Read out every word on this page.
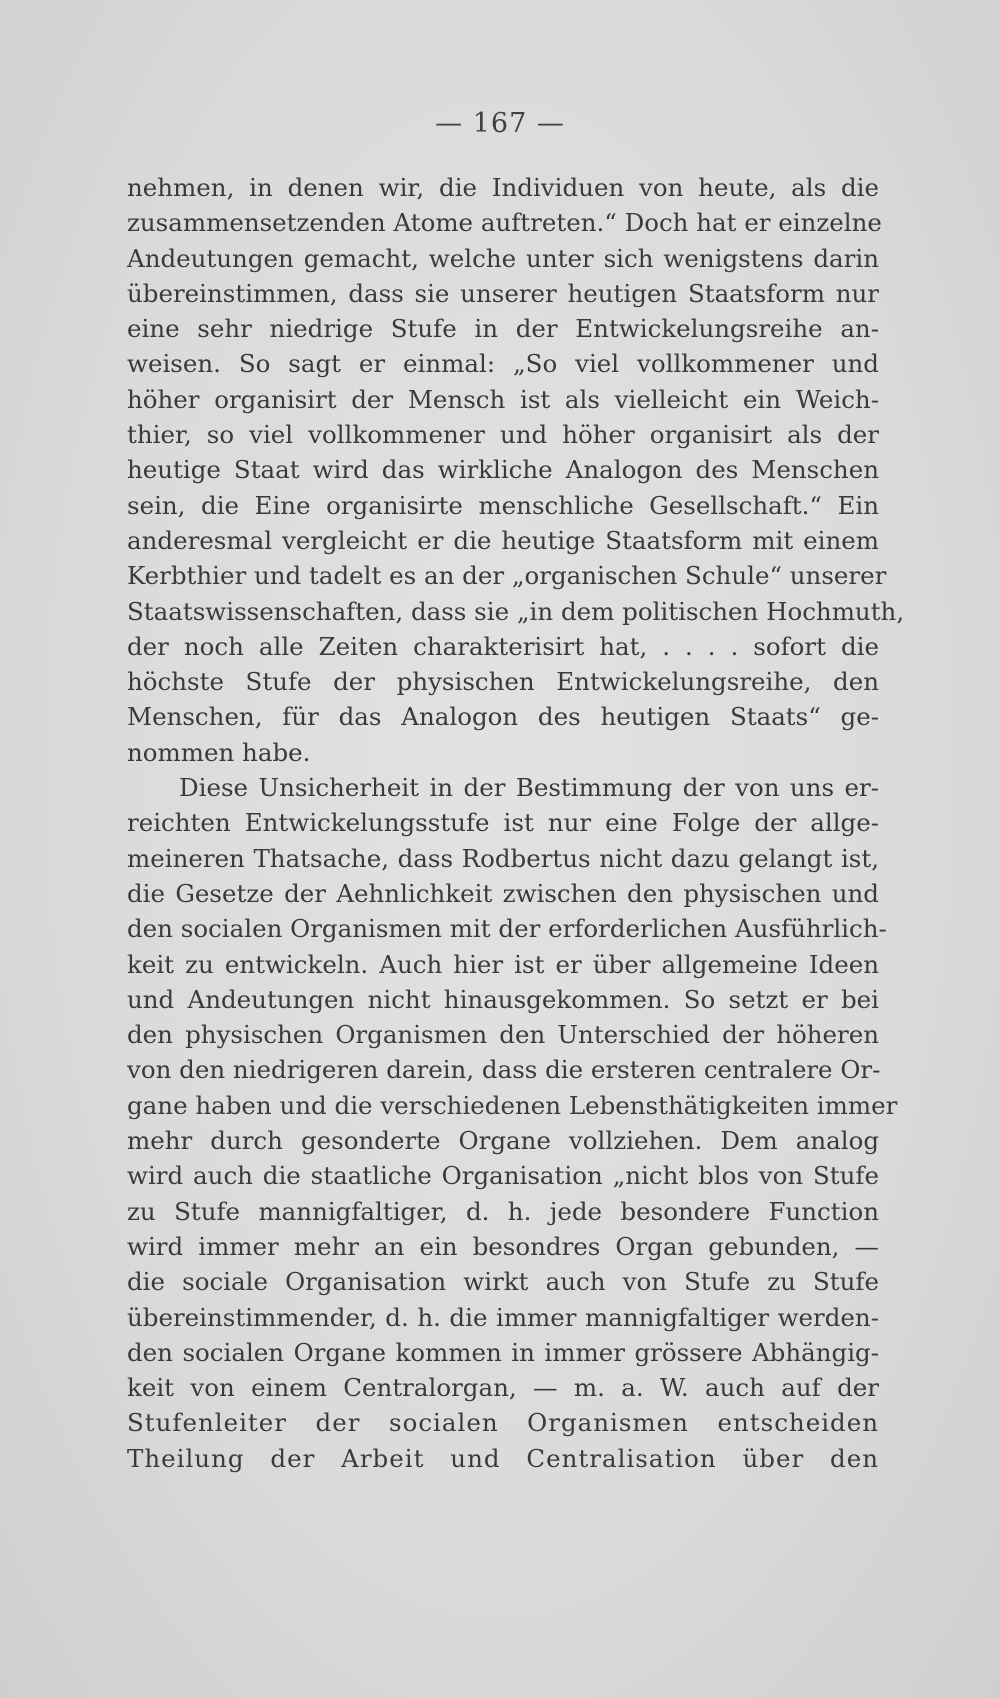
— 167 —
nehmen, in denen wir, die Individuen von heute, als die
zusammensetzenden Atome auftreten.“ Doch hat er einzelne
Andeutungen gemacht, welche unter sich wenigstens darin
übereinstimmen, dass sie unserer heutigen Staatsform nur
eine sehr niedrige Stufe in der Entwickelungsreihe an-
weisen. So sagt er einmal: „So viel vollkommener und
höher organisirt der Mensch ist als vielleicht ein Weich-
thier, so viel vollkommener und höher organisirt als der
heutige Staat wird das wirkliche Analogon des Menschen
sein, die Eine organisirte menschliche Gesellschaft.“ Ein
anderesmal vergleicht er die heutige Staatsform mit einem
Kerbthier und tadelt es an der „organischen Schule“ unserer
Staatswissenschaften, dass sie „in dem politischen Hochmuth,
der noch alle Zeiten charakterisirt hat, . . . . sofort die
höchste Stufe der physischen Entwickelungsreihe, den
Menschen, für das Analogon des heutigen Staats“ ge-
nommen habe.
Diese Unsicherheit in der Bestimmung der von uns er-
reichten Entwickelungsstufe ist nur eine Folge der allge-
meineren Thatsache, dass Rodbertus nicht dazu gelangt ist,
die Gesetze der Aehnlichkeit zwischen den physischen und
den socialen Organismen mit der erforderlichen Ausführlich-
keit zu entwickeln. Auch hier ist er über allgemeine Ideen
und Andeutungen nicht hinausgekommen. So setzt er bei
den physischen Organismen den Unterschied der höheren
von den niedrigeren darein, dass die ersteren centralere Or-
gane haben und die verschiedenen Lebensthätigkeiten immer
mehr durch gesonderte Organe vollziehen. Dem analog
wird auch die staatliche Organisation „nicht blos von Stufe
zu Stufe mannigfaltiger, d. h. jede besondere Function
wird immer mehr an ein besondres Organ gebunden, —
die sociale Organisation wirkt auch von Stufe zu Stufe
übereinstimmender, d. h. die immer mannigfaltiger werden-
den socialen Organe kommen in immer grössere Abhängig-
keit von einem Centralorgan, — m. a. W. auch auf der
Stufenleiter der socialen Organismen entscheiden
Theilung der Arbeit und Centralisation über den
